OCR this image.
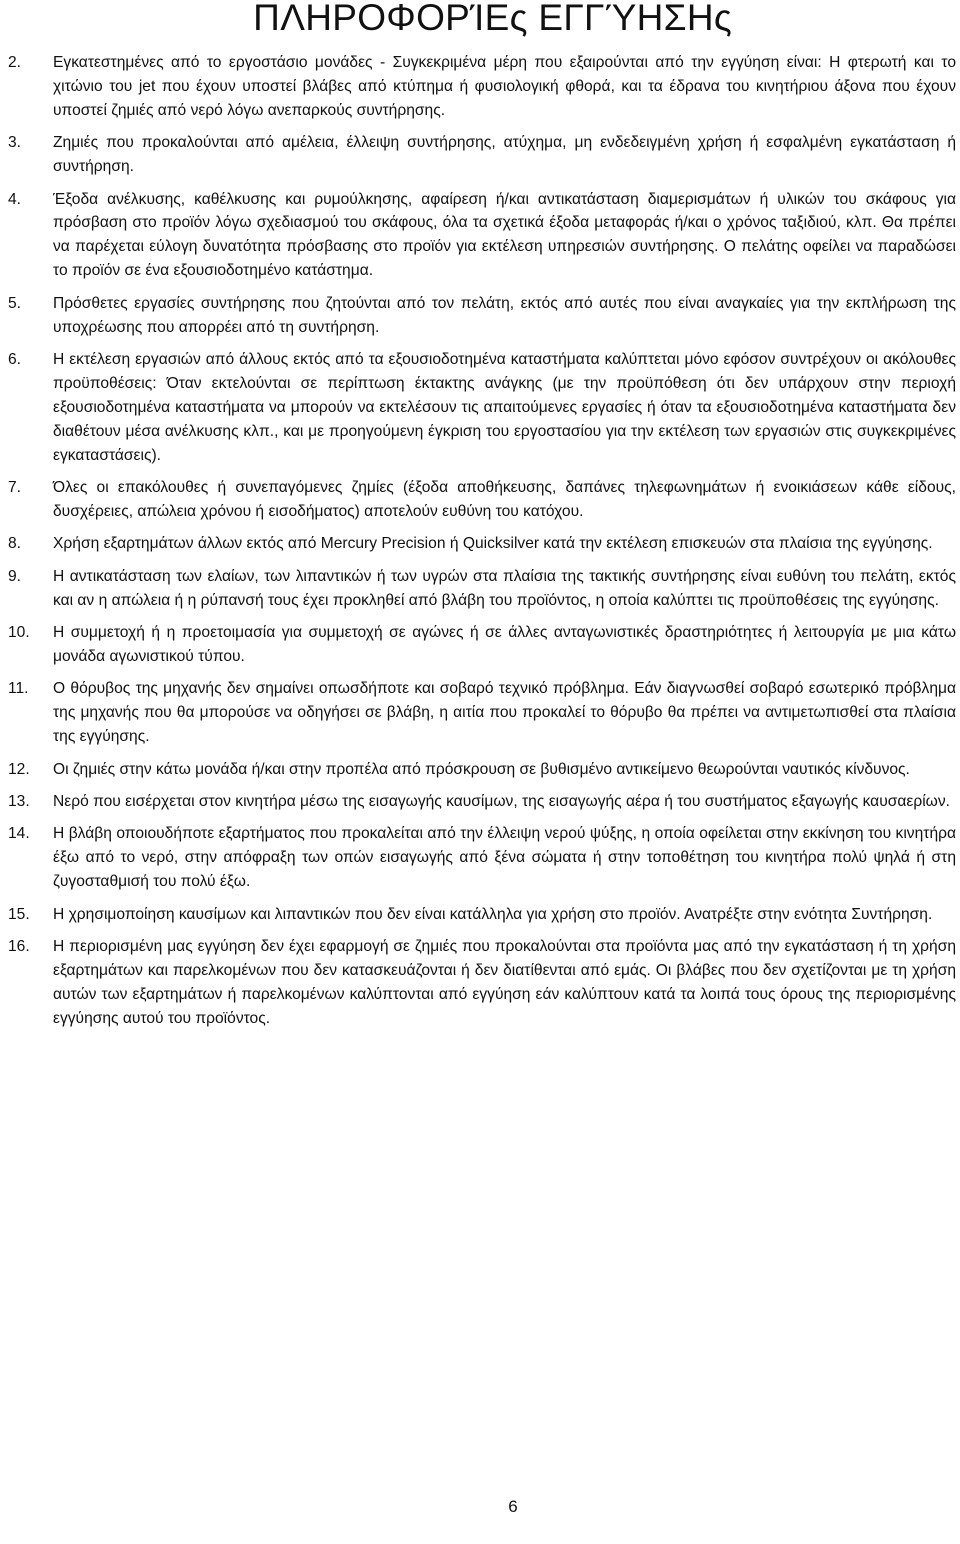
ΠΛΗΡΟΦΟΡΊΕς ΕΓΓΎΗΣΗς
2.	Εγκατεστημένες από το εργοστάσιο μονάδες - Συγκεκριμένα μέρη που εξαιρούνται από την εγγύηση είναι: Η φτερωτή και το χιτώνιο του jet που έχουν υποστεί βλάβες από κτύπημα ή φυσιολογική φθορά, και τα έδρανα του κινητήριου άξονα που έχουν υποστεί ζημιές από νερό λόγω ανεπαρκούς συντήρησης.
3.	Ζημιές που προκαλούνται από αμέλεια, έλλειψη συντήρησης, ατύχημα, μη ενδεδειγμένη χρήση ή εσφαλμένη εγκατάσταση ή συντήρηση.
4.	Έξοδα ανέλκυσης, καθέλκυσης και ρυμούλκησης, αφαίρεση ή/και αντικατάσταση διαμερισμάτων ή υλικών του σκάφους για πρόσβαση στο προϊόν λόγω σχεδιασμού του σκάφους, όλα τα σχετικά έξοδα μεταφοράς ή/και ο χρόνος ταξιδιού, κλπ. Θα πρέπει να παρέχεται εύλογη δυνατότητα πρόσβασης στο προϊόν για εκτέλεση υπηρεσιών συντήρησης. Ο πελάτης οφείλει να παραδώσει το προϊόν σε ένα εξουσιοδοτημένο κατάστημα.
5.	Πρόσθετες εργασίες συντήρησης που ζητούνται από τον πελάτη, εκτός από αυτές που είναι αναγκαίες για την εκπλήρωση της υποχρέωσης που απορρέει από τη συντήρηση.
6.	Η εκτέλεση εργασιών από άλλους εκτός από τα εξουσιοδοτημένα καταστήματα καλύπτεται μόνο εφόσον συντρέχουν οι ακόλουθες προϋποθέσεις: Όταν εκτελούνται σε περίπτωση έκτακτης ανάγκης (με την προϋπόθεση ότι δεν υπάρχουν στην περιοχή εξουσιοδοτημένα καταστήματα να μπορούν να εκτελέσουν τις απαιτούμενες εργασίες ή όταν τα εξουσιοδοτημένα καταστήματα δεν διαθέτουν μέσα ανέλκυσης κλπ., και με προηγούμενη έγκριση του εργοστασίου για την εκτέλεση των εργασιών στις συγκεκριμένες εγκαταστάσεις).
7.	Όλες οι επακόλουθες ή συνεπαγόμενες ζημίες (έξοδα αποθήκευσης, δαπάνες τηλεφωνημάτων ή ενοικιάσεων κάθε είδους, δυσχέρειες, απώλεια χρόνου ή εισοδήματος) αποτελούν ευθύνη του κατόχου.
8.	Χρήση εξαρτημάτων άλλων εκτός από Mercury Precision ή Quicksilver κατά την εκτέλεση επισκευών στα πλαίσια της εγγύησης.
9.	Η αντικατάσταση των ελαίων, των λιπαντικών ή των υγρών στα πλαίσια της τακτικής συντήρησης είναι ευθύνη του πελάτη, εκτός και αν η απώλεια ή η ρύπανσή τους έχει προκληθεί από βλάβη του προϊόντος, η οποία καλύπτει τις προϋποθέσεις της εγγύησης.
10.	Η συμμετοχή ή η προετοιμασία για συμμετοχή σε αγώνες ή σε άλλες ανταγωνιστικές δραστηριότητες ή λειτουργία με μια κάτω μονάδα αγωνιστικού τύπου.
11.	Ο θόρυβος της μηχανής δεν σημαίνει οπωσδήποτε και σοβαρό τεχνικό πρόβλημα. Εάν διαγνωσθεί σοβαρό εσωτερικό πρόβλημα της μηχανής που θα μπορούσε να οδηγήσει σε βλάβη, η αιτία που προκαλεί το θόρυβο θα πρέπει να αντιμετωπισθεί στα πλαίσια της εγγύησης.
12.	Οι ζημιές στην κάτω μονάδα ή/και στην προπέλα από πρόσκρουση σε βυθισμένο αντικείμενο θεωρούνται ναυτικός κίνδυνος.
13.	Νερό που εισέρχεται στον κινητήρα μέσω της εισαγωγής καυσίμων, της εισαγωγής αέρα ή του συστήματος εξαγωγής καυσαερίων.
14.	Η βλάβη οποιουδήποτε εξαρτήματος που προκαλείται από την έλλειψη νερού ψύξης, η οποία οφείλεται στην εκκίνηση του κινητήρα έξω από το νερό, στην απόφραξη των οπών εισαγωγής από ξένα σώματα ή στην τοποθέτηση του κινητήρα πολύ ψηλά ή στη ζυγοσταθμισή του πολύ έξω.
15.	Η χρησιμοποίηση καυσίμων και λιπαντικών που δεν είναι κατάλληλα για χρήση στο προϊόν. Ανατρέξτε στην ενότητα Συντήρηση.
16.	Η περιορισμένη μας εγγύηση δεν έχει εφαρμογή σε ζημιές που προκαλούνται στα προϊόντα μας από την εγκατάσταση ή τη χρήση εξαρτημάτων και παρελκομένων που δεν κατασκευάζονται ή δεν διατίθενται από εμάς. Οι βλάβες που δεν σχετίζονται με τη χρήση αυτών των εξαρτημάτων ή παρελκομένων καλύπτονται από εγγύηση εάν καλύπτουν κατά τα λοιπά τους όρους της περιορισμένης εγγύησης αυτού του προϊόντος.
6
